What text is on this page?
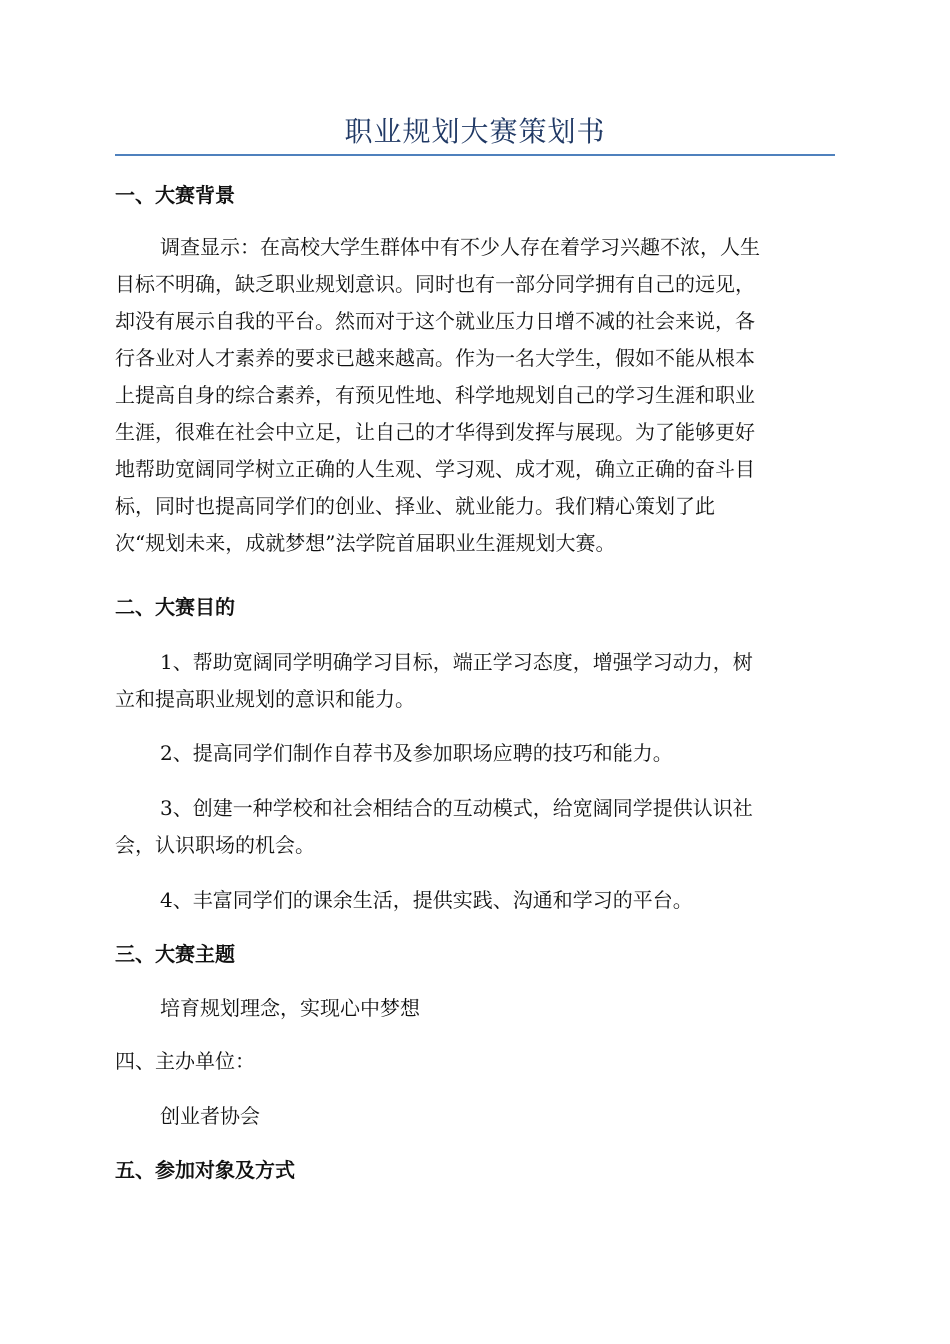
职业规划大赛策划书
一、大赛背景
调查显示：在高校大学生群体中有不少人存在着学习兴趣不浓，人生
目标不明确，缺乏职业规划意识。同时也有一部分同学拥有自己的远见，
却没有展示自我的平台。然而对于这个就业压力日增不减的社会来说，各
行各业对人才素养的要求已越来越高。作为一名大学生，假如不能从根本
上提高自身的综合素养，有预见性地、科学地规划自己的学习生涯和职业
生涯，很难在社会中立足，让自己的才华得到发挥与展现。为了能够更好
地帮助宽阔同学树立正确的人生观、学习观、成才观，确立正确的奋斗目
标，同时也提高同学们的创业、择业、就业能力。我们精心策划了此
次“规划未来，成就梦想”法学院首届职业生涯规划大赛。
二、大赛目的
1、帮助宽阔同学明确学习目标，端正学习态度，增强学习动力，树
立和提高职业规划的意识和能力。
2、提高同学们制作自荐书及参加职场应聘的技巧和能力。
3、创建一种学校和社会相结合的互动模式，给宽阔同学提供认识社
会，认识职场的机会。
4、丰富同学们的课余生活，提供实践、沟通和学习的平台。
三、大赛主题
培育规划理念，实现心中梦想
四、主办单位：
创业者协会
五、参加对象及方式
